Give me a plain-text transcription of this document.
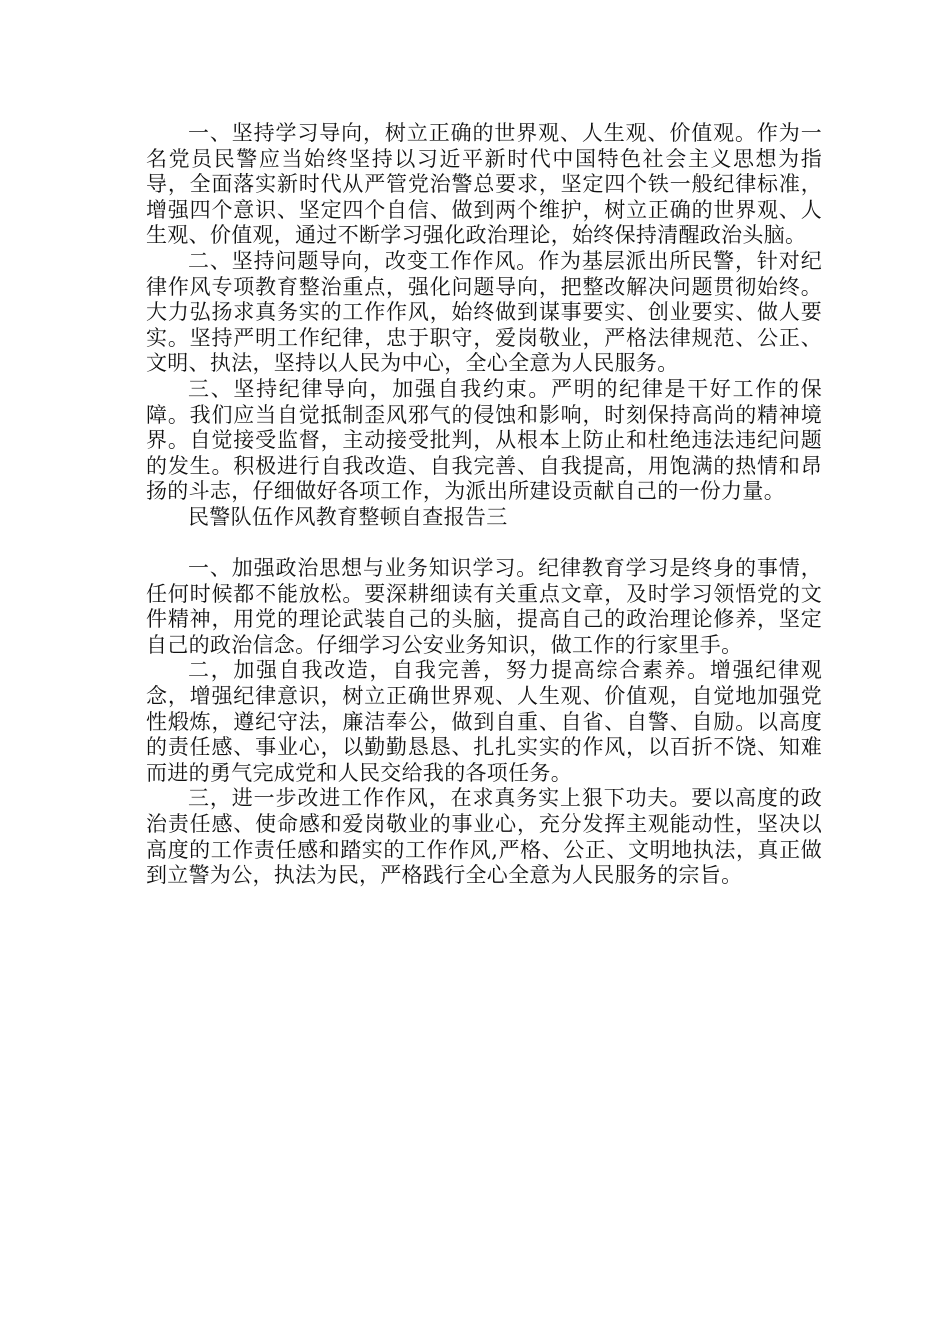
一、坚持学习导向，树立正确的世界观、人生观、价值观。作为一名党员民警应当始终坚持以习近平新时代中国特色社会主义思想为指导，全面落实新时代从严管党治警总要求，坚定四个铁一般纪律标准，增强四个意识、坚定四个自信、做到两个维护，树立正确的世界观、人生观、价值观，通过不断学习强化政治理论，始终保持清醒政治头脑。

二、坚持问题导向，改变工作作风。作为基层派出所民警，针对纪律作风专项教育整治重点，强化问题导向，把整改解决问题贯彻始终。大力弘扬求真务实的工作作风，始终做到谋事要实、创业要实、做人要实。坚持严明工作纪律，忠于职守，爱岗敬业，严格法律规范、公正、文明、执法，坚持以人民为中心，全心全意为人民服务。

三、坚持纪律导向，加强自我约束。严明的纪律是干好工作的保障。我们应当自觉抵制歪风邪气的侵蚀和影响，时刻保持高尚的精神境界。自觉接受监督，主动接受批判，从根本上防止和杜绝违法违纪问题的发生。积极进行自我改造、自我完善、自我提高，用饱满的热情和昂扬的斗志，仔细做好各项工作，为派出所建设贡献自己的一份力量。

民警队伍作风教育整顿自查报告三

一、加强政治思想与业务知识学习。纪律教育学习是终身的事情，任何时候都不能放松。要深耕细读有关重点文章，及时学习领悟党的文件精神，用党的理论武装自己的头脑，提高自己的政治理论修养，坚定自己的政治信念。仔细学习公安业务知识，做工作的行家里手。

二，加强自我改造，自我完善，努力提高综合素养。增强纪律观念，增强纪律意识，树立正确世界观、人生观、价值观，自觉地加强党性煅炼，遵纪守法，廉洁奉公，做到自重、自省、自警、自励。以高度的责任感、事业心，以勤勤恳恳、扎扎实实的作风，以百折不饶、知难而进的勇气完成党和人民交给我的各项任务。

三，进一步改进工作作风，在求真务实上狠下功夫。要以高度的政治责任感、使命感和爱岗敬业的事业心，充分发挥主观能动性，坚决以高度的工作责任感和踏实的工作作风,严格、公正、文明地执法，真正做到立警为公，执法为民，严格践行全心全意为人民服务的宗旨。
